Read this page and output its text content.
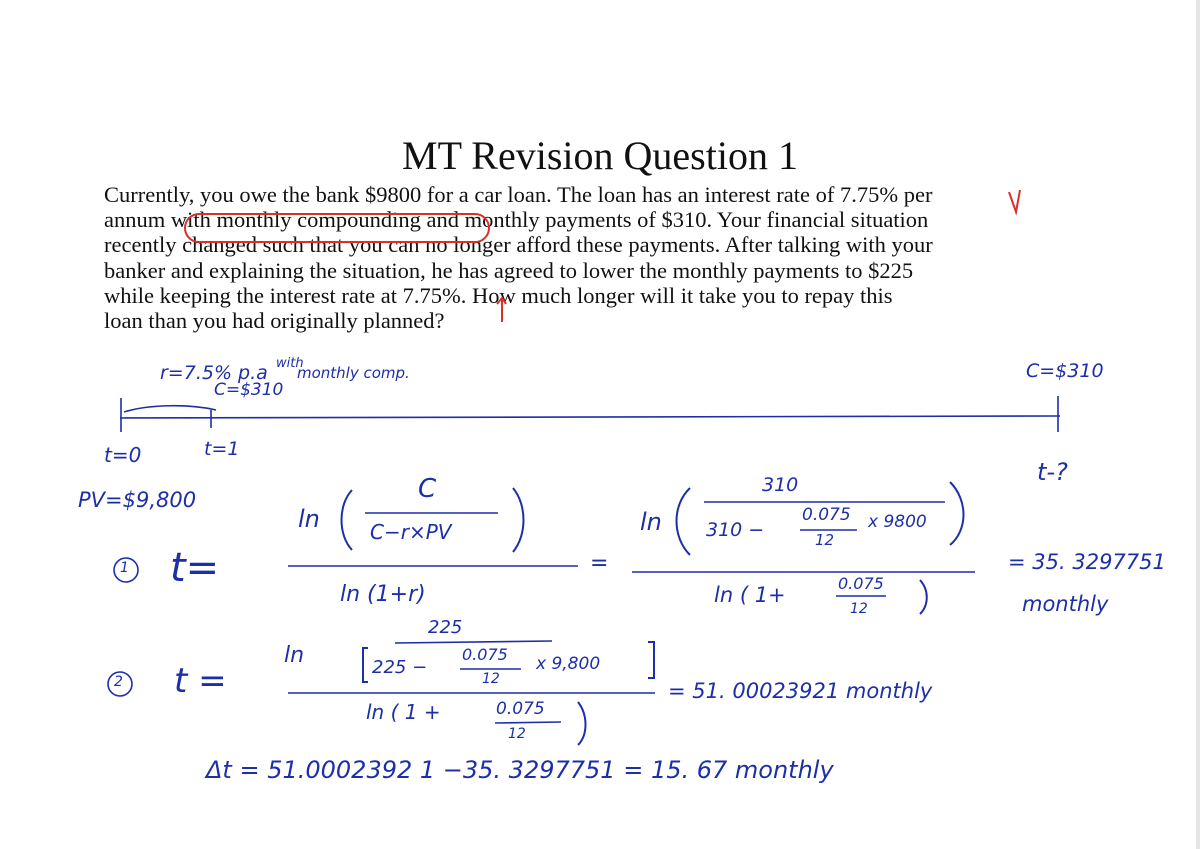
MT Revision Question 1
Currently, you owe the bank $9800 for a car loan. The loan has an interest rate of 7.75% per
annum with monthly compounding and monthly payments of $310. Your financial situation
recently changed such that you can no longer afford these payments. After talking with your
banker and explaining the situation, he has agreed to lower the monthly payments to $225
while keeping the interest rate at 7.75%. How much longer will it take you to repay this
loan than you had originally planned?
r=7.5% p.a with
monthly comp.
C=$310
C=$310
t=0	t=1
t-?
PV=$9,800
1 t=
ln
C
C−r×PV
ln (1+r)
=
ln
310
310 −
0.075
12
x 9800
ln ( 1+	0.075
12
= 35. 3297751
monthly
2 t =
ln
225
225 −
0.075
12
x 9,800
ln ( 1 +	0.075
12
= 51. 00023921 monthly
Δt = 51.0002392 1 −35. 3297751 = 15. 67 monthly
